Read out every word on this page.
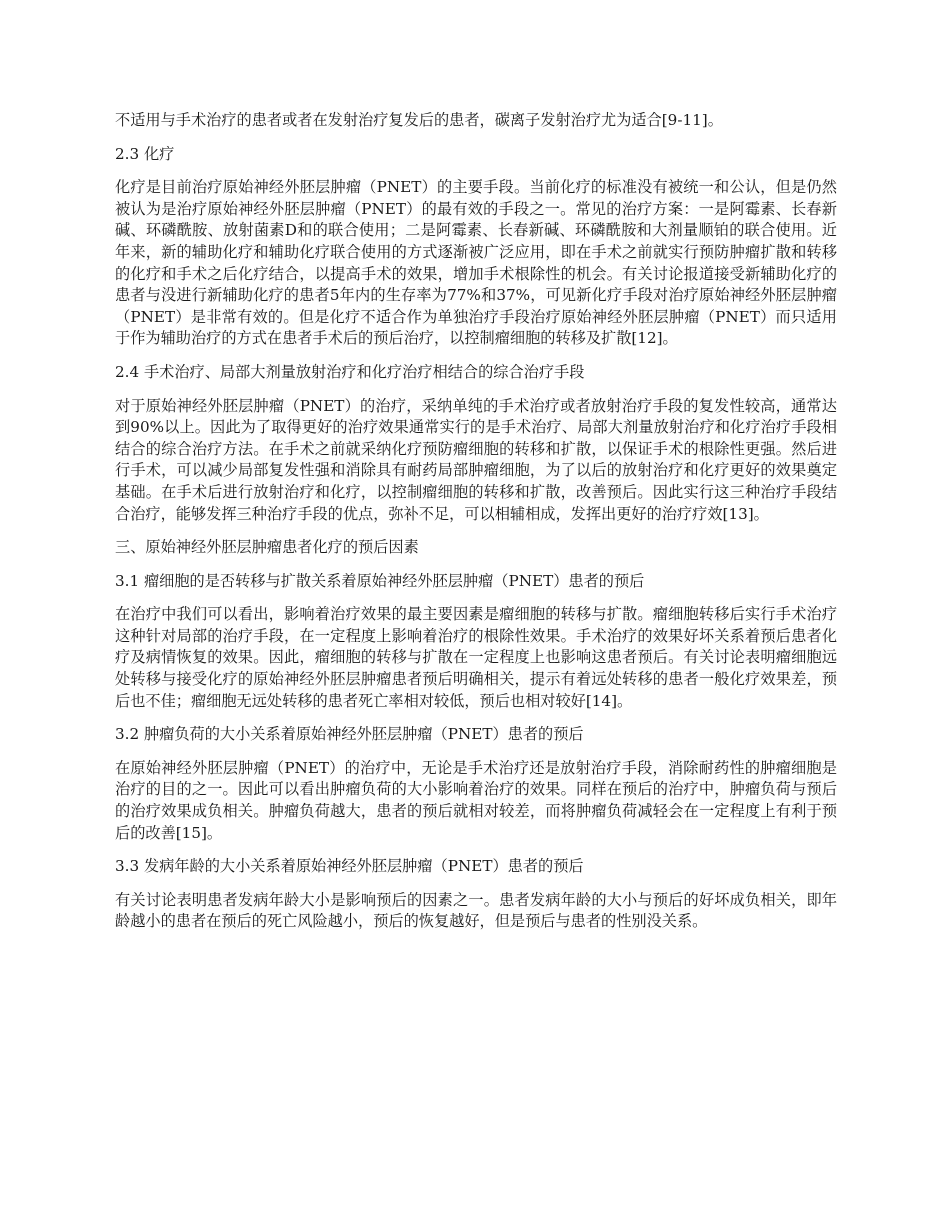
不适用与手术治疗的患者或者在发射治疗复发后的患者，碳离子发射治疗尤为适合[9-11]。

2.3 化疗

化疗是目前治疗原始神经外胚层肿瘤（PNET）的主要手段。当前化疗的标准没有被统一和公认，但是仍然被认为是治疗原始神经外胚层肿瘤（PNET）的最有效的手段之一。常见的治疗方案：一是阿霉素、长春新碱、环磷酰胺、放射菌素D和的联合使用；二是阿霉素、长春新碱、环磷酰胺和大剂量顺铂的联合使用。近年来，新的辅助化疗和辅助化疗联合使用的方式逐渐被广泛应用，即在手术之前就实行预防肿瘤扩散和转移的化疗和手术之后化疗结合，以提高手术的效果，增加手术根除性的机会。有关讨论报道接受新辅助化疗的患者与没进行新辅助化疗的患者5年内的生存率为77%和37%，可见新化疗手段对治疗原始神经外胚层肿瘤（PNET）是非常有效的。但是化疗不适合作为单独治疗手段治疗原始神经外胚层肿瘤（PNET）而只适用于作为辅助治疗的方式在患者手术后的预后治疗，以控制瘤细胞的转移及扩散[12]。

2.4 手术治疗、局部大剂量放射治疗和化疗治疗相结合的综合治疗手段

对于原始神经外胚层肿瘤（PNET）的治疗，采纳单纯的手术治疗或者放射治疗手段的复发性较高，通常达到90%以上。因此为了取得更好的治疗效果通常实行的是手术治疗、局部大剂量放射治疗和化疗治疗手段相结合的综合治疗方法。在手术之前就采纳化疗预防瘤细胞的转移和扩散，以保证手术的根除性更强。然后进行手术，可以减少局部复发性强和消除具有耐药局部肿瘤细胞，为了以后的放射治疗和化疗更好的效果奠定基础。在手术后进行放射治疗和化疗，以控制瘤细胞的转移和扩散，改善预后。因此实行这三种治疗手段结合治疗，能够发挥三种治疗手段的优点，弥补不足，可以相辅相成，发挥出更好的治疗疗效[13]。

三、原始神经外胚层肿瘤患者化疗的预后因素

3.1 瘤细胞的是否转移与扩散关系着原始神经外胚层肿瘤（PNET）患者的预后

在治疗中我们可以看出，影响着治疗效果的最主要因素是瘤细胞的转移与扩散。瘤细胞转移后实行手术治疗这种针对局部的治疗手段，在一定程度上影响着治疗的根除性效果。手术治疗的效果好坏关系着预后患者化疗及病情恢复的效果。因此，瘤细胞的转移与扩散在一定程度上也影响这患者预后。有关讨论表明瘤细胞远处转移与接受化疗的原始神经外胚层肿瘤患者预后明确相关，提示有着远处转移的患者一般化疗效果差，预后也不佳；瘤细胞无远处转移的患者死亡率相对较低，预后也相对较好[14]。

3.2 肿瘤负荷的大小关系着原始神经外胚层肿瘤（PNET）患者的预后

在原始神经外胚层肿瘤（PNET）的治疗中，无论是手术治疗还是放射治疗手段，消除耐药性的肿瘤细胞是治疗的目的之一。因此可以看出肿瘤负荷的大小影响着治疗的效果。同样在预后的治疗中，肿瘤负荷与预后的治疗效果成负相关。肿瘤负荷越大，患者的预后就相对较差，而将肿瘤负荷减轻会在一定程度上有利于预后的改善[15]。

3.3 发病年龄的大小关系着原始神经外胚层肿瘤（PNET）患者的预后

有关讨论表明患者发病年龄大小是影响预后的因素之一。患者发病年龄的大小与预后的好坏成负相关，即年龄越小的患者在预后的死亡风险越小，预后的恢复越好，但是预后与患者的性别没关系。
